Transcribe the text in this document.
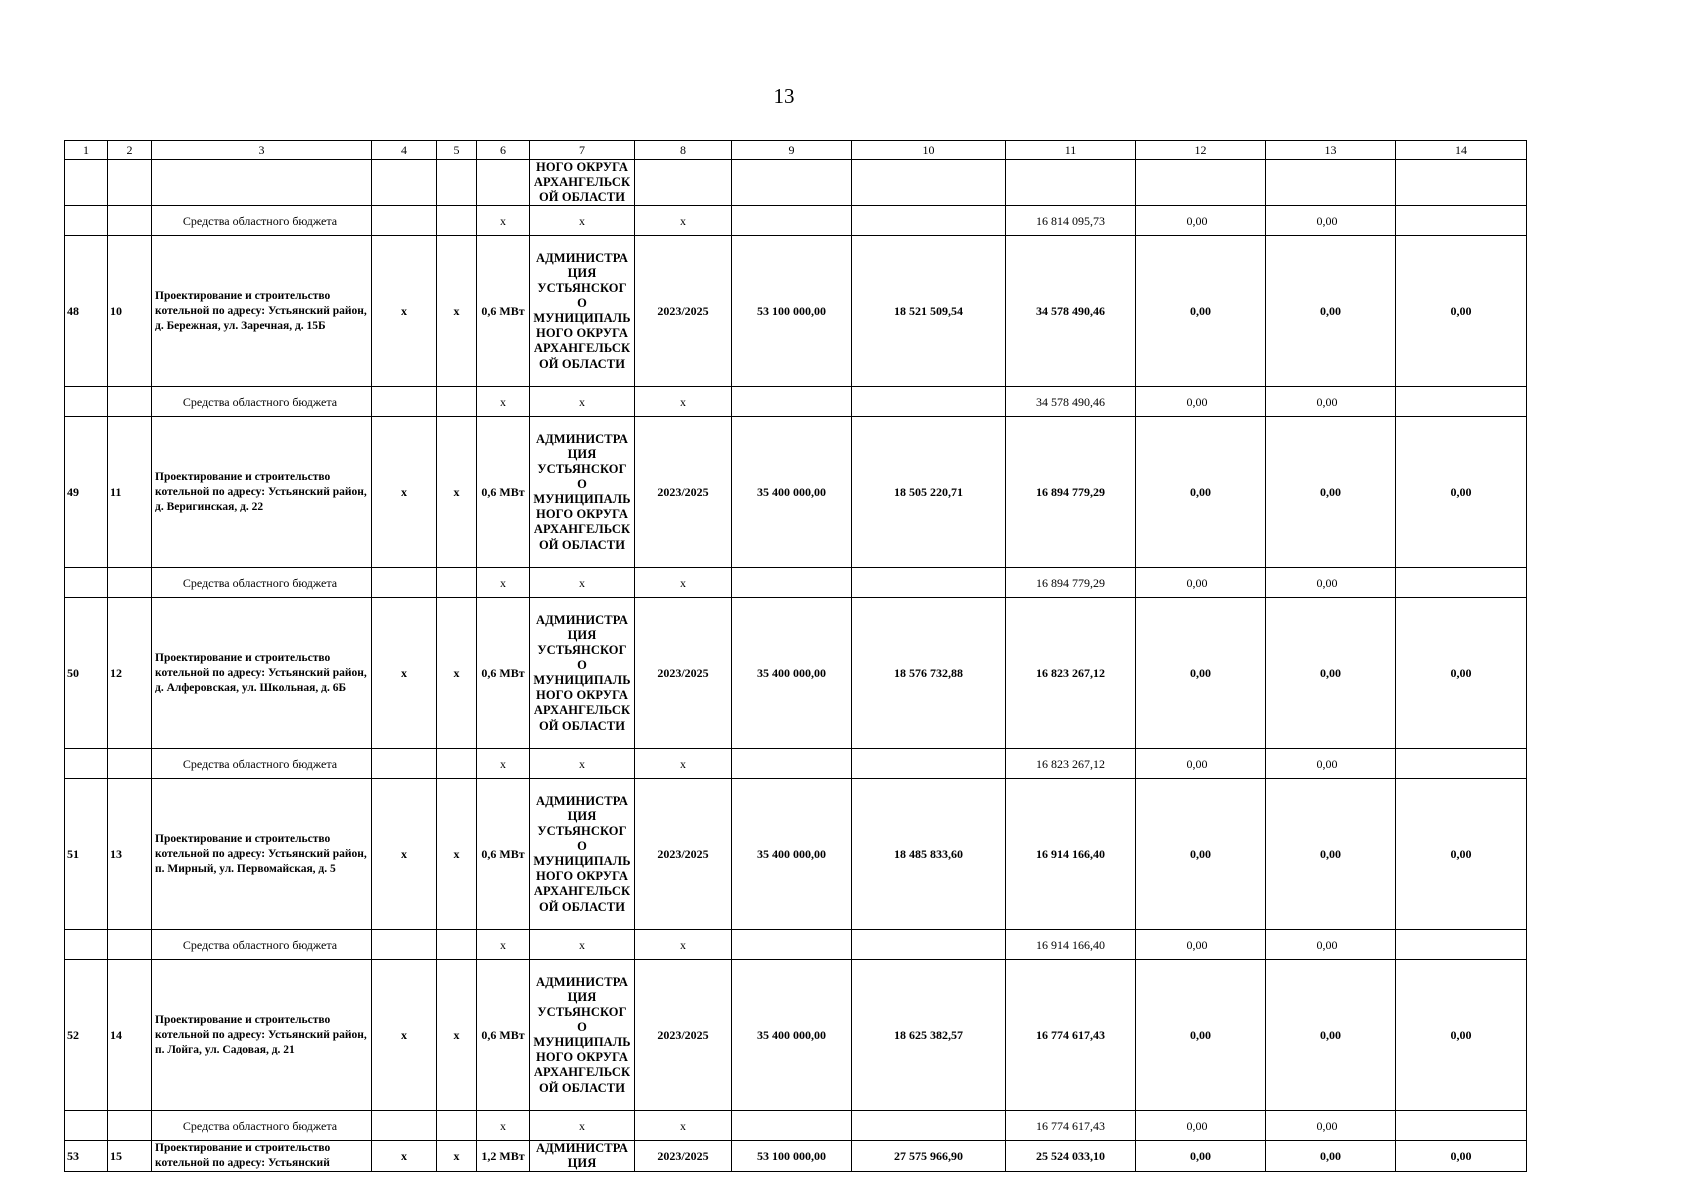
13
1	2	3	4	5	6	7	8	9	10	11	12	13	14
						НОГО ОКРУГА АРХАНГЕЛЬСК ОЙ ОБЛАСТИ							
		Средства областного бюджета			х	х	х			16 814 095,73	0,00	0,00	
48	10	Проектирование и строительство котельной по адресу: Устьянский район, д. Бережная, ул. Заречная, д. 15Б	х	х	0,6 МВт	АДМИНИСТРА ЦИЯ УСТЬЯНСКОГ О МУНИЦИПАЛЬ НОГО ОКРУГА АРХАНГЕЛЬСК ОЙ ОБЛАСТИ	2023/2025	53 100 000,00	18 521 509,54	34 578 490,46	0,00	0,00	0,00
		Средства областного бюджета			х	х	х			34 578 490,46	0,00	0,00	
49	11	Проектирование и строительство котельной по адресу: Устьянский район, д. Веригинская, д. 22	х	х	0,6 МВт	АДМИНИСТРА ЦИЯ УСТЬЯНСКОГ О МУНИЦИПАЛЬ НОГО ОКРУГА АРХАНГЕЛЬСК ОЙ ОБЛАСТИ	2023/2025	35 400 000,00	18 505 220,71	16 894 779,29	0,00	0,00	0,00
		Средства областного бюджета			х	х	х			16 894 779,29	0,00	0,00	
50	12	Проектирование и строительство котельной по адресу: Устьянский район, д. Алферовская, ул. Школьная, д. 6Б	х	х	0,6 МВт	АДМИНИСТРА ЦИЯ УСТЬЯНСКОГ О МУНИЦИПАЛЬ НОГО ОКРУГА АРХАНГЕЛЬСК ОЙ ОБЛАСТИ	2023/2025	35 400 000,00	18 576 732,88	16 823 267,12	0,00	0,00	0,00
		Средства областного бюджета			х	х	х			16 823 267,12	0,00	0,00	
51	13	Проектирование и строительство котельной по адресу: Устьянский район, п. Мирный, ул. Первомайская, д. 5	х	х	0,6 МВт	АДМИНИСТРА ЦИЯ УСТЬЯНСКОГ О МУНИЦИПАЛЬ НОГО ОКРУГА АРХАНГЕЛЬСК ОЙ ОБЛАСТИ	2023/2025	35 400 000,00	18 485 833,60	16 914 166,40	0,00	0,00	0,00
		Средства областного бюджета			х	х	х			16 914 166,40	0,00	0,00	
52	14	Проектирование и строительство котельной по адресу: Устьянский район, п. Лойга, ул. Садовая, д. 21	х	х	0,6 МВт	АДМИНИСТРА ЦИЯ УСТЬЯНСКОГ О МУНИЦИПАЛЬ НОГО ОКРУГА АРХАНГЕЛЬСК ОЙ ОБЛАСТИ	2023/2025	35 400 000,00	18 625 382,57	16 774 617,43	0,00	0,00	0,00
		Средства областного бюджета			х	х	х			16 774 617,43	0,00	0,00	
53	15	Проектирование и строительство котельной по адресу: Устьянский	х	х	1,2 МВт	АДМИНИСТРА ЦИЯ	2023/2025	53 100 000,00	27 575 966,90	25 524 033,10	0,00	0,00	0,00
